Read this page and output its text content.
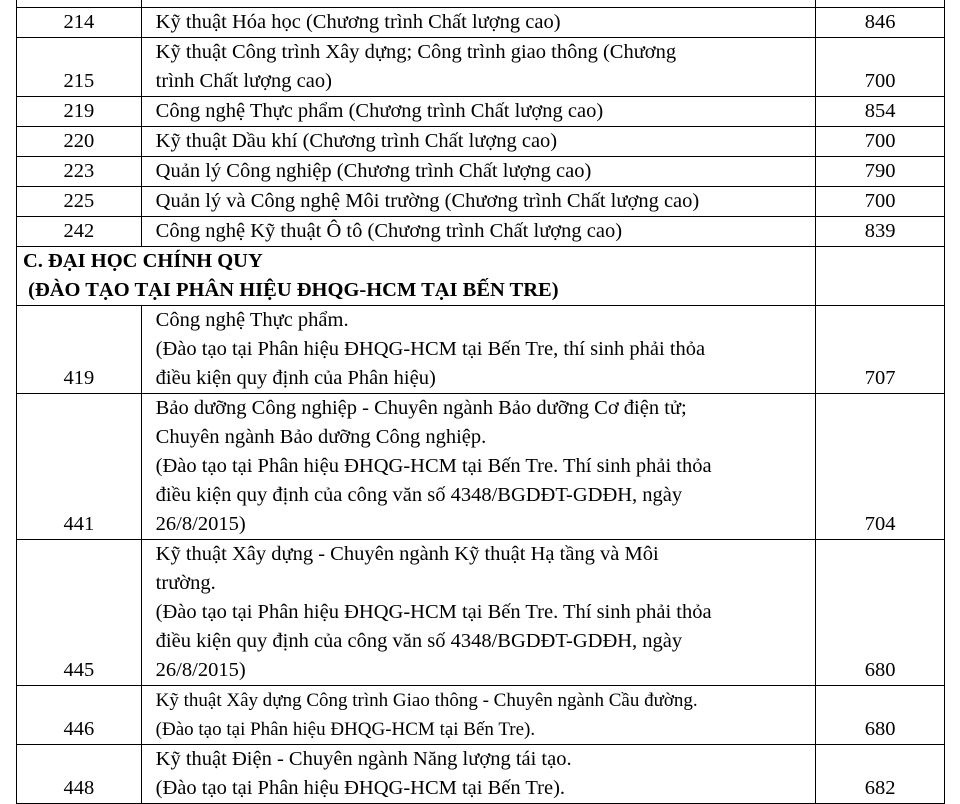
214	Kỹ thuật Hóa học (Chương trình Chất lượng cao)	846
215	Kỹ thuật Công trình Xây dựng; Công trình giao thông (Chương
trình Chất lượng cao)	700
219	Công nghệ Thực phẩm (Chương trình Chất lượng cao)	854
220	Kỹ thuật Dầu khí (Chương trình Chất lượng cao)	700
223	Quản lý Công nghiệp (Chương trình Chất lượng cao)	790
225	Quản lý và Công nghệ Môi trường (Chương trình Chất lượng cao)	700
242	Công nghệ Kỹ thuật Ô tô (Chương trình Chất lượng cao)	839

C. ĐẠI HỌC CHÍNH QUY
(ĐÀO TẠO TẠI PHÂN HIỆU ĐHQG-HCM TẠI BẾN TRE)		

419	Công nghệ Thực phẩm.
(Đào tạo tại Phân hiệu ĐHQG-HCM tại Bến Tre, thí sinh phải thỏa
điều kiện quy định của Phân hiệu)	707
441	Bảo dưỡng Công nghiệp - Chuyên ngành Bảo dưỡng Cơ điện tử;
Chuyên ngành Bảo dưỡng Công nghiệp.
(Đào tạo tại Phân hiệu ĐHQG-HCM tại Bến Tre. Thí sinh phải thỏa
điều kiện quy định của công văn số 4348/BGDĐT-GDĐH, ngày
26/8/2015)	704
445	Kỹ thuật Xây dựng - Chuyên ngành Kỹ thuật Hạ tầng và Môi
trường.
(Đào tạo tại Phân hiệu ĐHQG-HCM tại Bến Tre. Thí sinh phải thỏa
điều kiện quy định của công văn số 4348/BGDĐT-GDĐH, ngày
26/8/2015)	680
446	Kỹ thuật Xây dựng Công trình Giao thông - Chuyên ngành Cầu đường.
(Đào tạo tại Phân hiệu ĐHQG-HCM tại Bến Tre).	680
448	Kỹ thuật Điện - Chuyên ngành Năng lượng tái tạo.
(Đào tạo tại Phân hiệu ĐHQG-HCM tại Bến Tre).	682
